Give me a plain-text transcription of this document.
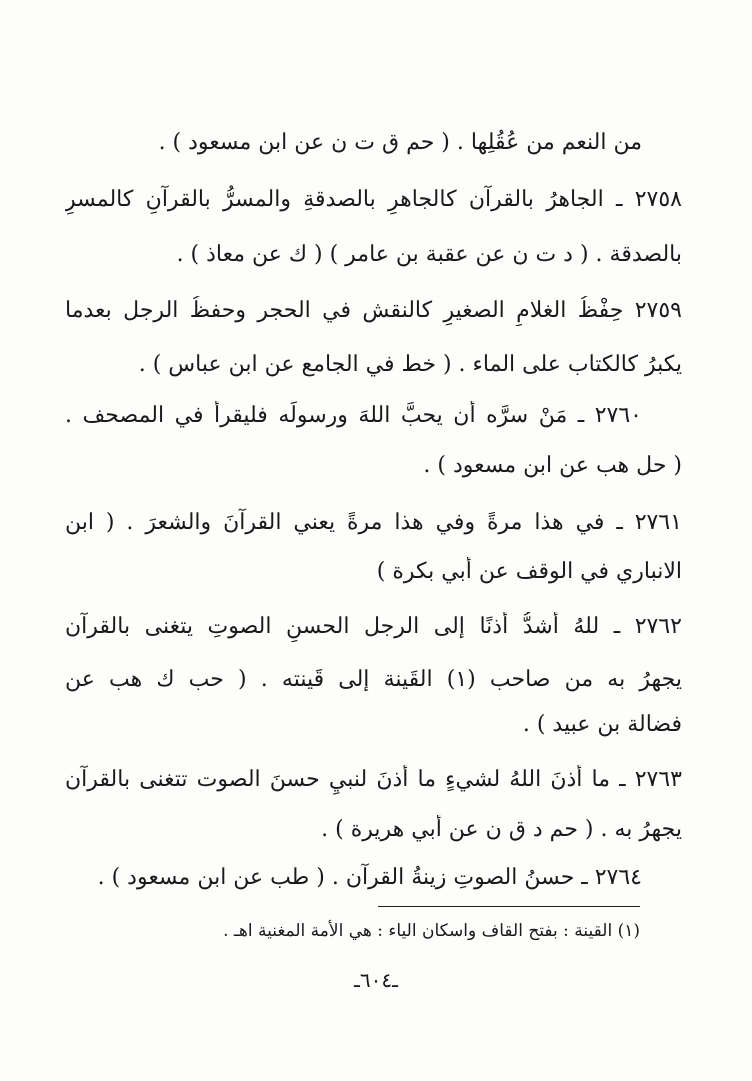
من النعم من عُقُلِها . ( حم ق ت ن عن ابن مسعود ) .
٢٧٥٨ ـ الجاهرُ بالقرآن كالجاهرِ بالصدقةِ والمسرُّ بالقرآنِ كالمسرِ
بالصدقة . ( د ت ن عن عقبة بن عامر ) ( ك عن معاذ ) .
٢٧٥٩ حِفْظُ الغلامِ الصغيرِ كالنقش في الحجر وحفظُ الرجل بعدما
يكبرُ كالكتاب على الماء . ( خط في الجامع عن ابن عباس ) .
٢٧٦٠ ـ مَنْ سرَّه أن يحبَّ اللهَ ورسولَه فليقرأ في المصحف .
( حل هب عن ابن مسعود ) .
٢٧٦١ ـ في هذا مرةً وفي هذا مرةً يعني القرآنَ والشعرَ . ( ابن
الانباري في الوقف عن أبي بكرة )
٢٧٦٢ ـ للهُ أشدُّ أذنًا إلى الرجل الحسنِ الصوتِ يتغنى بالقرآن
يجهرُ به من صاحب (١) القَينة إلى قَينته . ( حب ك هب عن
فضالة بن عبيد ) .
٢٧٦٣ ـ ما أذنَ اللهُ لشيءٍ ما أذنَ لنبيٍ حسنَ الصوت تتغنى بالقرآن
يجهرُ به . ( حم د ق ن عن أبي هريرة ) .
٢٧٦٤ ـ حسنُ الصوتِ زينةُ القرآن . ( طب عن ابن مسعود ) .
(١) القينة : بفتح القاف واسكان الياء : هي الأمة المغنية اهـ .
ـ٦٠٤ـ
